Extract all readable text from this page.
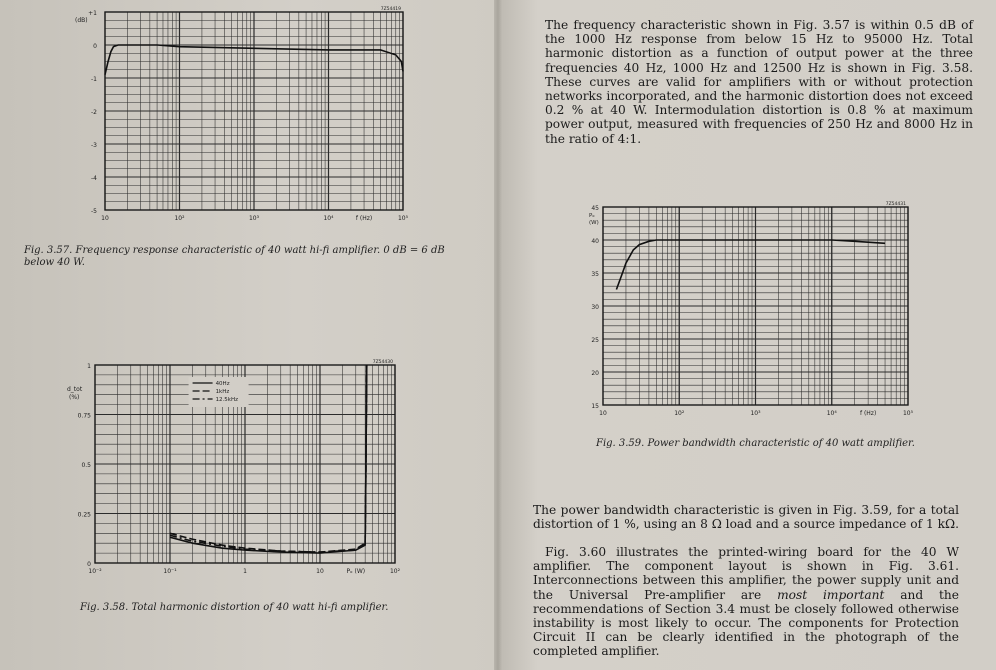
+1
0
-1
-2
-3
-4
-5
(dB)
10	10²	10³	10⁴	10⁵
f (Hz)
7Z54419
Fig. 3.57. Frequency response characteristic of 40 watt hi-fi amplifier. 0 dB = 6 dB
below 40 W.
1
0.75
0.5
0.25
0
d_tot
(%)
10⁻²	10⁻¹	1	10	Pₒ (W)	10²
7Z54430
40Hz
1kHz
12.5kHz
Fig. 3.58. Total harmonic distortion of 40 watt hi-fi amplifier.
45
40
35
30
25
20
15
Pₒ
(W)
10	10²	10³	10⁴	f (Hz)	10⁵
7Z54431
Fig. 3.59. Power bandwidth characteristic of 40 watt amplifier.
The frequency characteristic shown in Fig. 3.57 is within 0.5 dB of the 1000 Hz response from below 15 Hz to 95000 Hz. Total harmonic distortion as a function of output power at the three frequencies 40 Hz, 1000 Hz and 12500 Hz is shown in Fig. 3.58. These curves are valid for amplifiers with or without protection networks incorporated, and the harmonic distortion does not exceed 0.2 % at 40 W. Intermodulation distortion is 0.8 % at maximum power output, measured with frequencies of 250 Hz and 8000 Hz in the ratio of 4:1.
The power bandwidth characteristic is given in Fig. 3.59, for a total distortion of 1 %, using an 8 Ω load and a source impedance of 1 kΩ.
Fig. 3.60 illustrates the printed-wiring board for the 40 W amplifier. The component layout is shown in Fig. 3.61. Interconnections between this amplifier, the power supply unit and the Universal Pre-amplifier are most important and the recommendations of Section 3.4 must be closely followed otherwise instability is most likely to occur. The components for Protection Circuit II can be clearly identified in the photograph of the completed amplifier.
